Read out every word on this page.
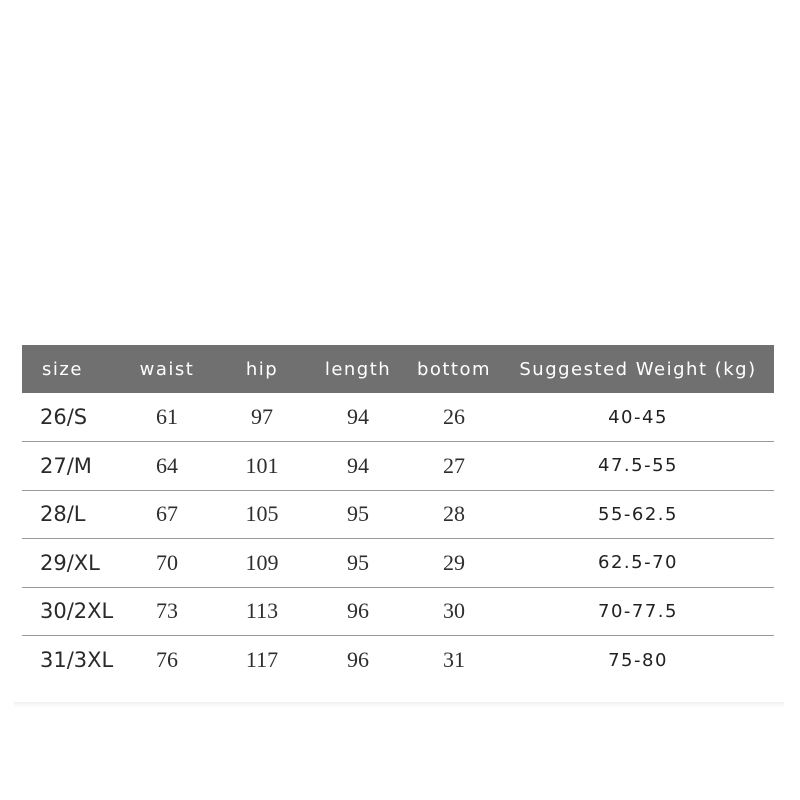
size	waist	hip	length	bottom	Suggested Weight (kg)
26/S	61	97	94	26	40-45
27/M	64	101	94	27	47.5-55
28/L	67	105	95	28	55-62.5
29/XL	70	109	95	29	62.5-70
30/2XL	73	113	96	30	70-77.5
31/3XL	76	117	96	31	75-80
